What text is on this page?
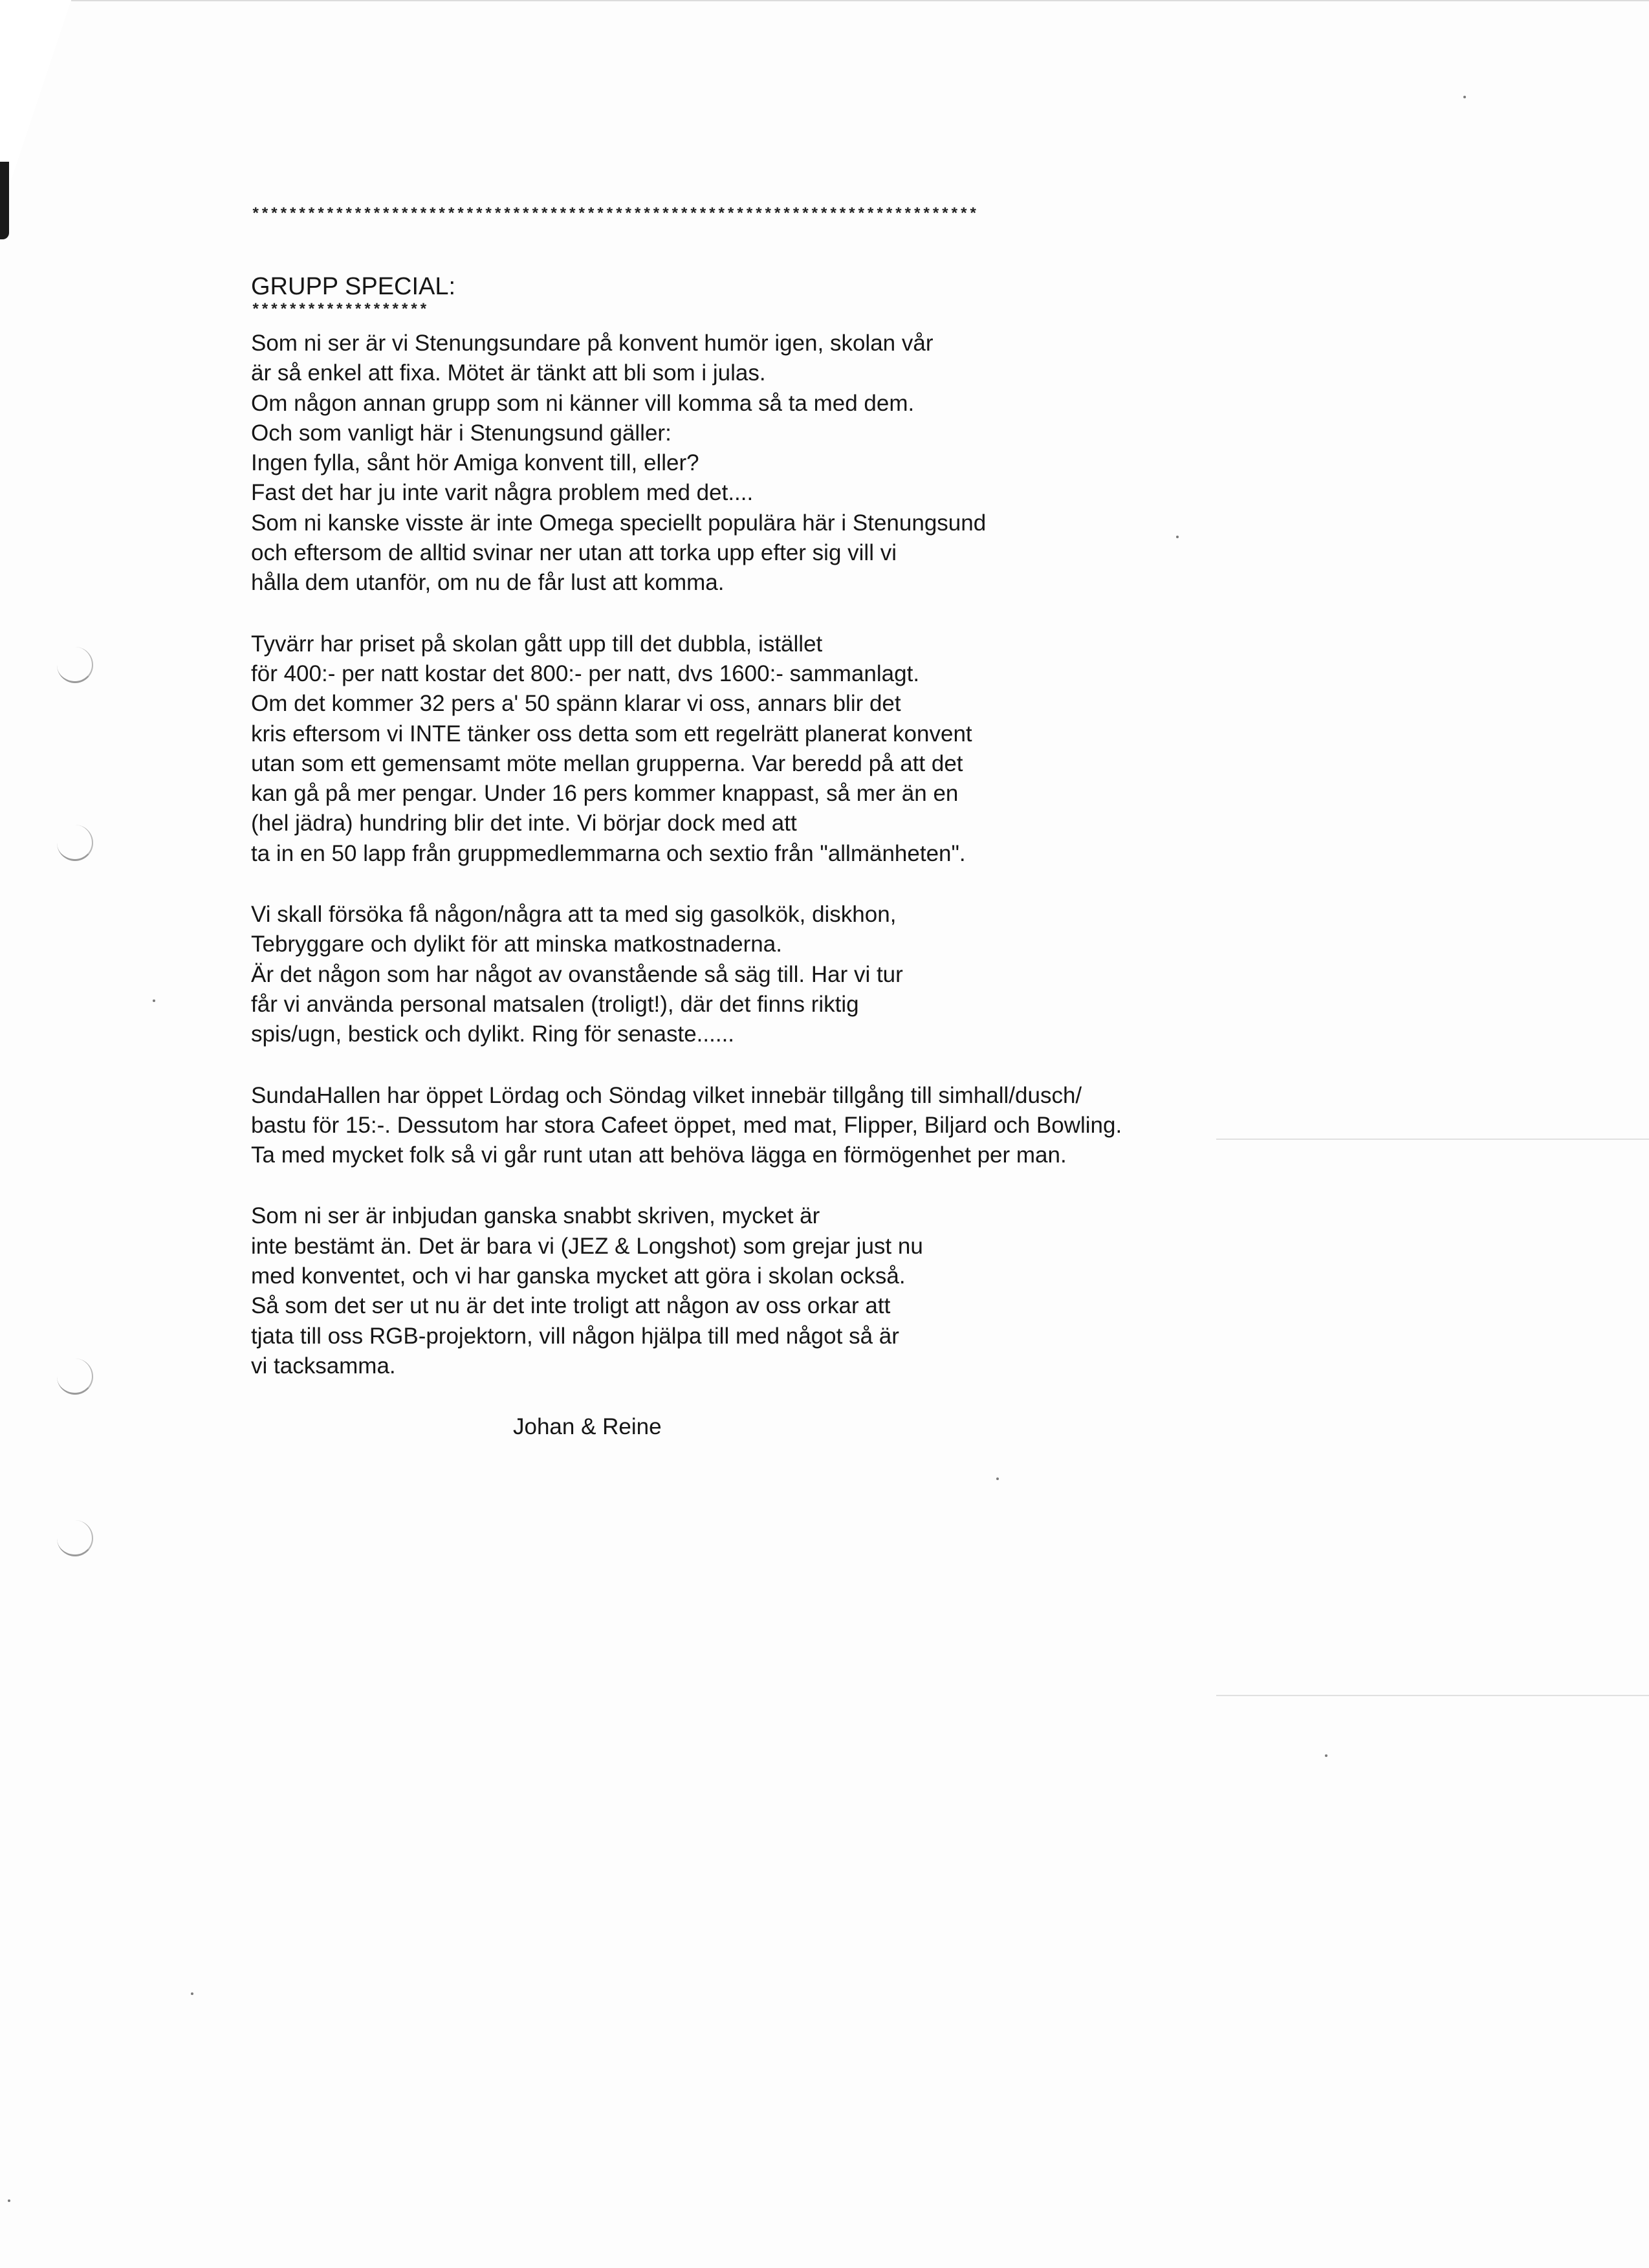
******************************************************************************
GRUPP SPECIAL:
*******************
Som ni ser är vi Stenungsundare på konvent humör igen, skolan vår
är så enkel att fixa. Mötet är tänkt att bli som i julas.
Om någon annan grupp som ni känner vill komma så ta med dem.
Och som vanligt här i Stenungsund gäller:
Ingen fylla, sånt hör Amiga konvent till, eller?
Fast det har ju inte varit några problem med det....
Som ni kanske visste är inte Omega speciellt populära här i Stenungsund
och eftersom de alltid svinar ner utan att torka upp efter sig vill vi
hålla dem utanför, om nu de får lust att komma.
Tyvärr har priset på skolan gått upp till det dubbla, istället
för 400:- per natt kostar det 800:- per natt, dvs 1600:- sammanlagt.
Om det kommer 32 pers a' 50 spänn klarar vi oss, annars blir det
kris eftersom vi INTE tänker oss detta som ett regelrätt planerat konvent
utan som ett gemensamt möte mellan grupperna. Var beredd på att det
kan gå på mer pengar. Under 16 pers kommer knappast, så mer än en
(hel jädra) hundring blir det inte. Vi börjar dock med att
ta in en 50 lapp från gruppmedlemmarna och sextio från "allmänheten".
Vi skall försöka få någon/några att ta med sig gasolkök, diskhon,
Tebryggare och dylikt för att minska matkostnaderna.
Är det någon som har något av ovanstående så säg till. Har vi tur
får vi använda personal matsalen (troligt!), där det finns riktig
spis/ugn, bestick och dylikt. Ring för senaste......
SundaHallen har öppet Lördag och Söndag vilket innebär tillgång till simhall/dusch/
bastu för 15:-. Dessutom har stora Cafeet öppet, med mat, Flipper, Biljard och Bowling.
Ta med mycket folk så vi går runt utan att behöva lägga en förmögenhet per man.
Som ni ser är inbjudan ganska snabbt skriven, mycket är
inte bestämt än. Det är bara vi (JEZ & Longshot) som grejar just nu
med konventet, och vi har ganska mycket att göra i skolan också.
Så som det ser ut nu är det inte troligt att någon av oss orkar att
tjata till oss RGB-projektorn, vill någon hjälpa till med något så är
vi tacksamma.
Johan & Reine
